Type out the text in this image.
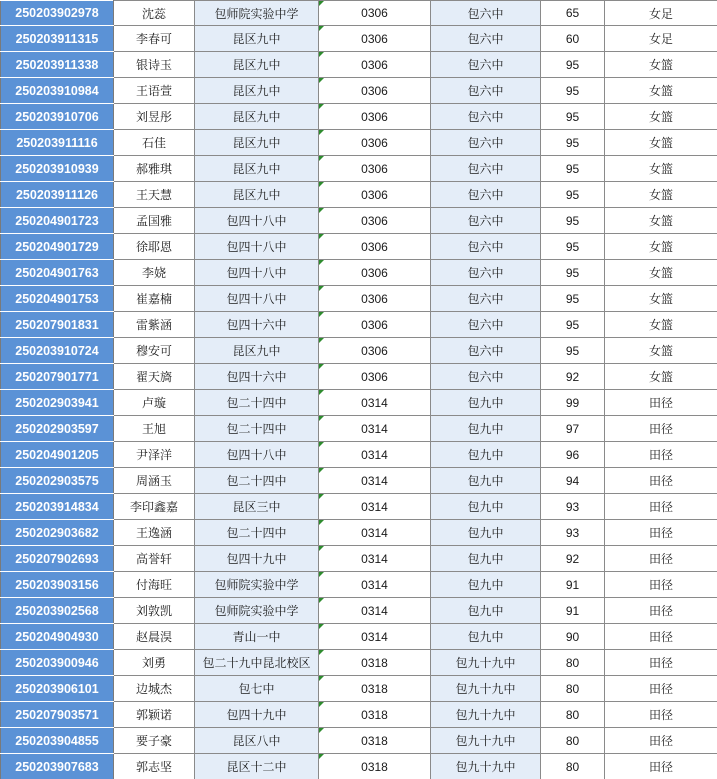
250203902978	沈蕊	包师院实验中学	0306	包六中	65	女足
250203911315	李春可	昆区九中	0306	包六中	60	女足
250203911338	银诗玉	昆区九中	0306	包六中	95	女篮
250203910984	王语萱	昆区九中	0306	包六中	95	女篮
250203910706	刘昱彤	昆区九中	0306	包六中	95	女篮
250203911116	石佳	昆区九中	0306	包六中	95	女篮
250203910939	郝雅琪	昆区九中	0306	包六中	95	女篮
250203911126	王天慧	昆区九中	0306	包六中	95	女篮
250204901723	孟国雅	包四十八中	0306	包六中	95	女篮
250204901729	徐耶恩	包四十八中	0306	包六中	95	女篮
250204901763	李娆	包四十八中	0306	包六中	95	女篮
250204901753	崔嘉楠	包四十八中	0306	包六中	95	女篮
250207901831	雷紫涵	包四十六中	0306	包六中	95	女篮
250203910724	穆安可	昆区九中	0306	包六中	95	女篮
250207901771	翟天旖	包四十六中	0306	包六中	92	女篮
250202903941	卢璇	包二十四中	0314	包九中	99	田径
250202903597	王旭	包二十四中	0314	包九中	97	田径
250204901205	尹泽洋	包四十八中	0314	包九中	96	田径
250202903575	周涵玉	包二十四中	0314	包九中	94	田径
250203914834	李印鑫嘉	昆区三中	0314	包九中	93	田径
250202903682	王逸涵	包二十四中	0314	包九中	93	田径
250207902693	高誉轩	包四十九中	0314	包九中	92	田径
250203903156	付海旺	包师院实验中学	0314	包九中	91	田径
250203902568	刘敦凯	包师院实验中学	0314	包九中	91	田径
250204904930	赵晨淏	青山一中	0314	包九中	90	田径
250203900946	刘勇	包二十九中昆北校区	0318	包九十九中	80	田径
250203906101	边城杰	包七中	0318	包九十九中	80	田径
250207903571	郭颖诺	包四十九中	0318	包九十九中	80	田径
250203904855	要子豪	昆区八中	0318	包九十九中	80	田径
250203907683	郭志坚	昆区十二中	0318	包九十九中	80	田径
